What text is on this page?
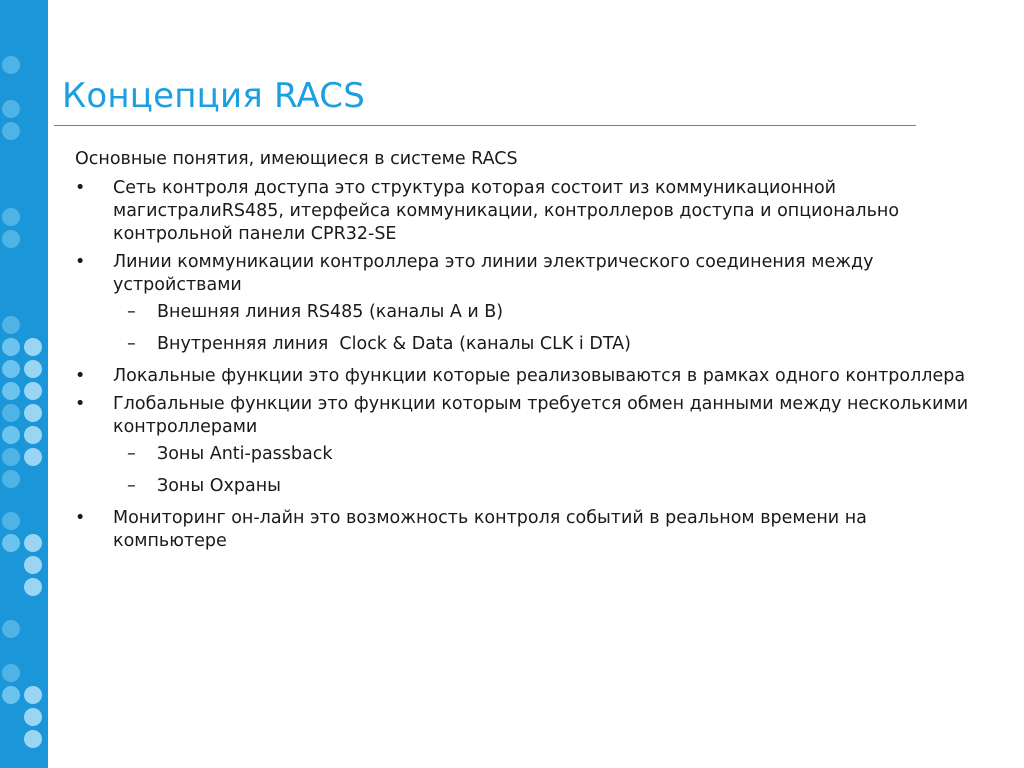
Концепция RACS

Основные понятия, имеющиеся в системе RACS

• Сеть контроля доступа это структура которая состоит из коммуникационной магистралиRS485, итерфейса коммуникации, контроллеров доступа и опционально контрольной панели CPR32-SE
• Линии коммуникации контроллера это линии электрического соединения между устройствами
– Внешняя линия RS485 (каналы A и B)
– Внутренняя линия  Clock & Data (каналы CLK i DTA)
• Локальные функции это функции которые реализовываются в рамках одного контроллера
• Глобальные функции это функции которым требуется обмен данными между несколькими контроллерами
– Зоны Anti-passback
– Зоны Охраны
• Мониторинг он-лайн это возможность контроля событий в реальном времени на компьютере
